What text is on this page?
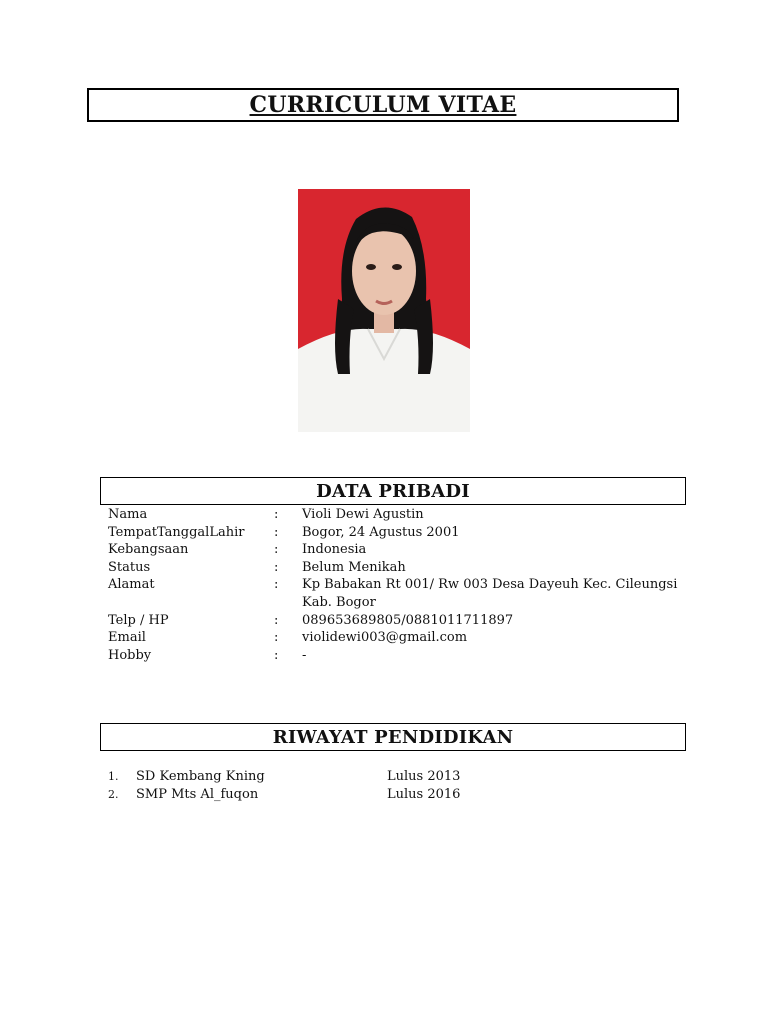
CURRICULUM VITAE
DATA PRIBADI
Nama	:	Violi Dewi Agustin
TempatTanggalLahir	:	Bogor, 24 Agustus 2001
Kebangsaan	:	Indonesia
Status	:	Belum Menikah
Alamat	:	Kp Babakan Rt 001/ Rw 003 Desa Dayeuh Kec. Cileungsi
Kab. Bogor
Telp / HP	:	089653689805/0881011711897
Email	:	violidewi003@gmail.com
Hobby	:	-
RIWAYAT PENDIDIKAN
1.	SD Kembang Kning	Lulus 2013
2.	SMP Mts Al_fuqon	Lulus 2016
